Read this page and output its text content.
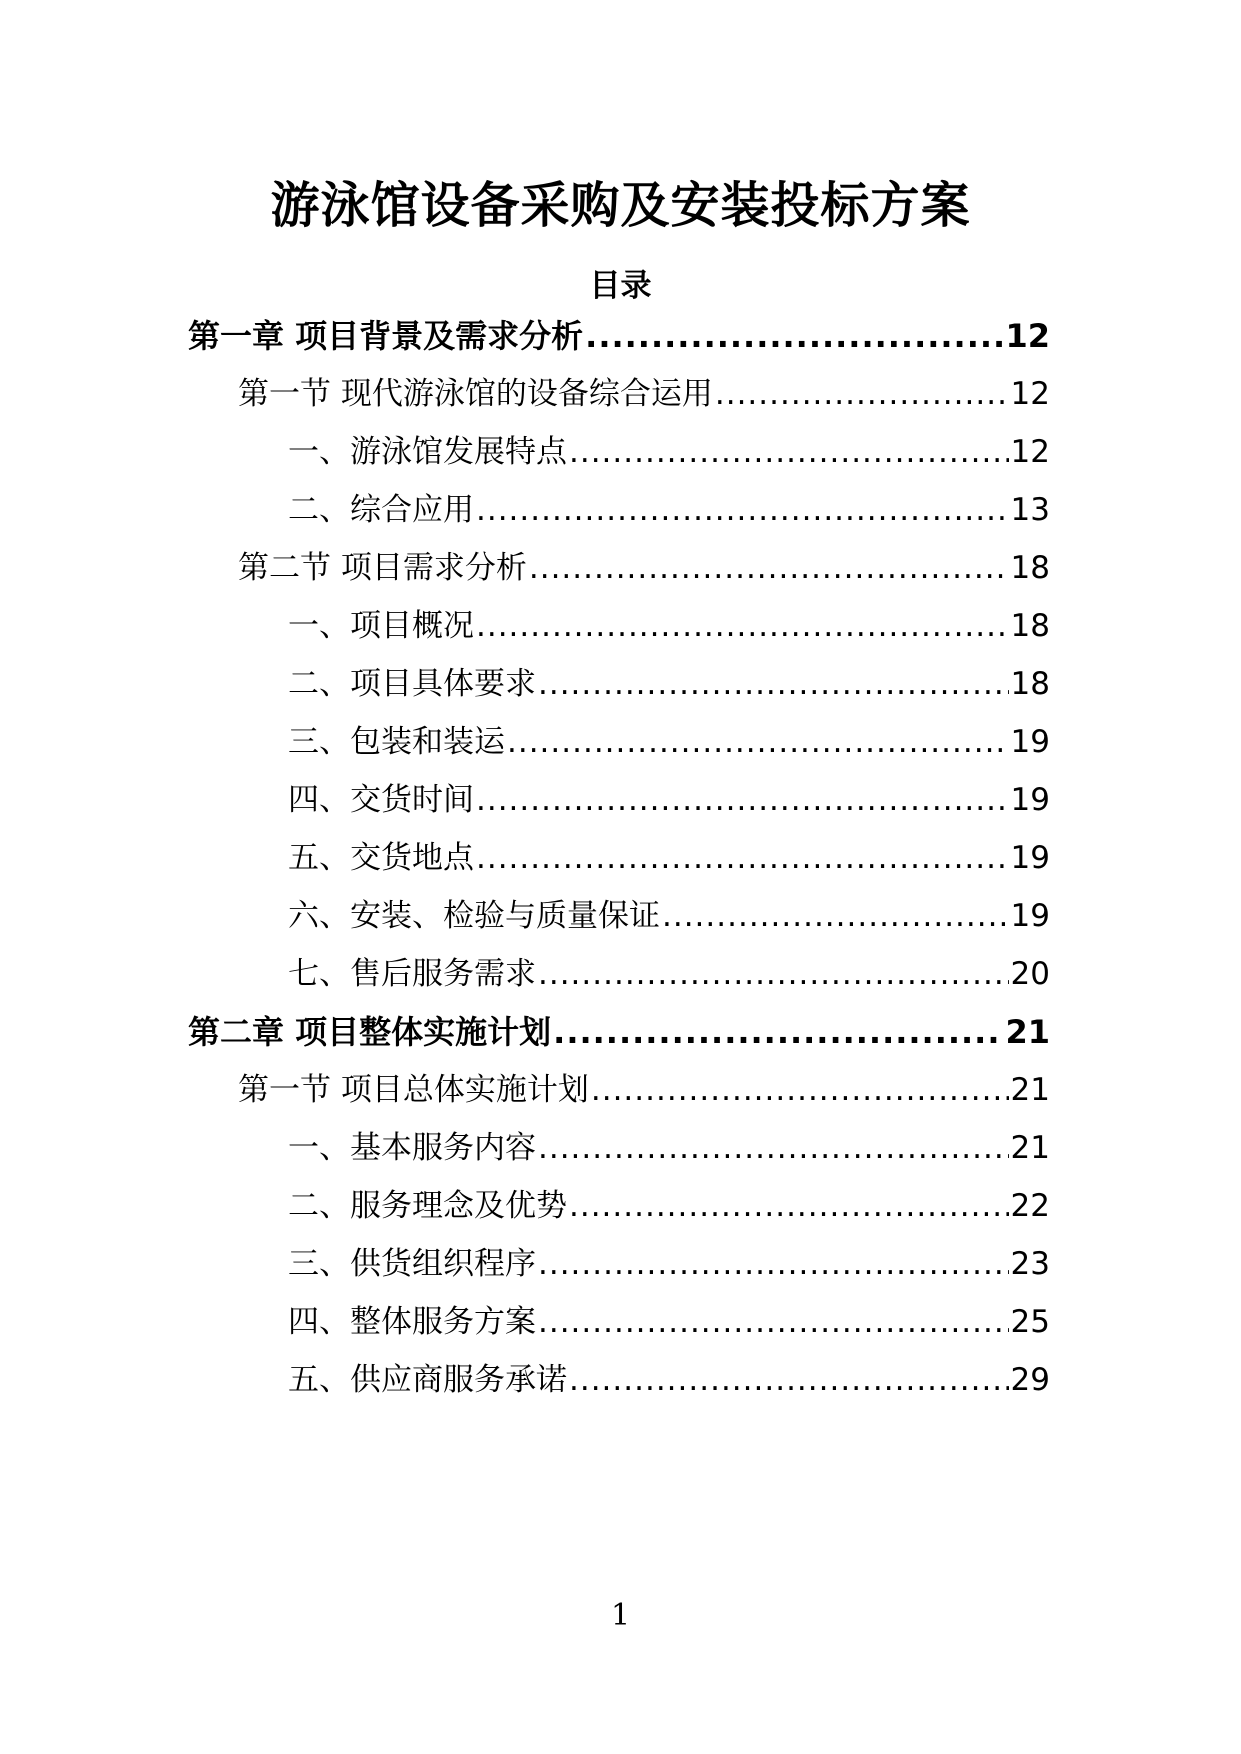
游泳馆设备采购及安装投标方案
目录
第一章 项目背景及需求分析 .....	12
第一节 现代游泳馆的设备综合运用 .....	12
一、游泳馆发展特点 .....	12
二、综合应用 .....	13
第二节 项目需求分析 .....	18
一、项目概况 .....	18
二、项目具体要求 .....	18
三、包装和装运 .....	19
四、交货时间 .....	19
五、交货地点 .....	19
六、安装、检验与质量保证 .....	19
七、售后服务需求 .....	20
第二章 项目整体实施计划 .....	21
第一节 项目总体实施计划 .....	21
一、基本服务内容 .....	21
二、服务理念及优势 .....	22
三、供货组织程序 .....	23
四、整体服务方案 .....	25
五、供应商服务承诺 .....	29
1
